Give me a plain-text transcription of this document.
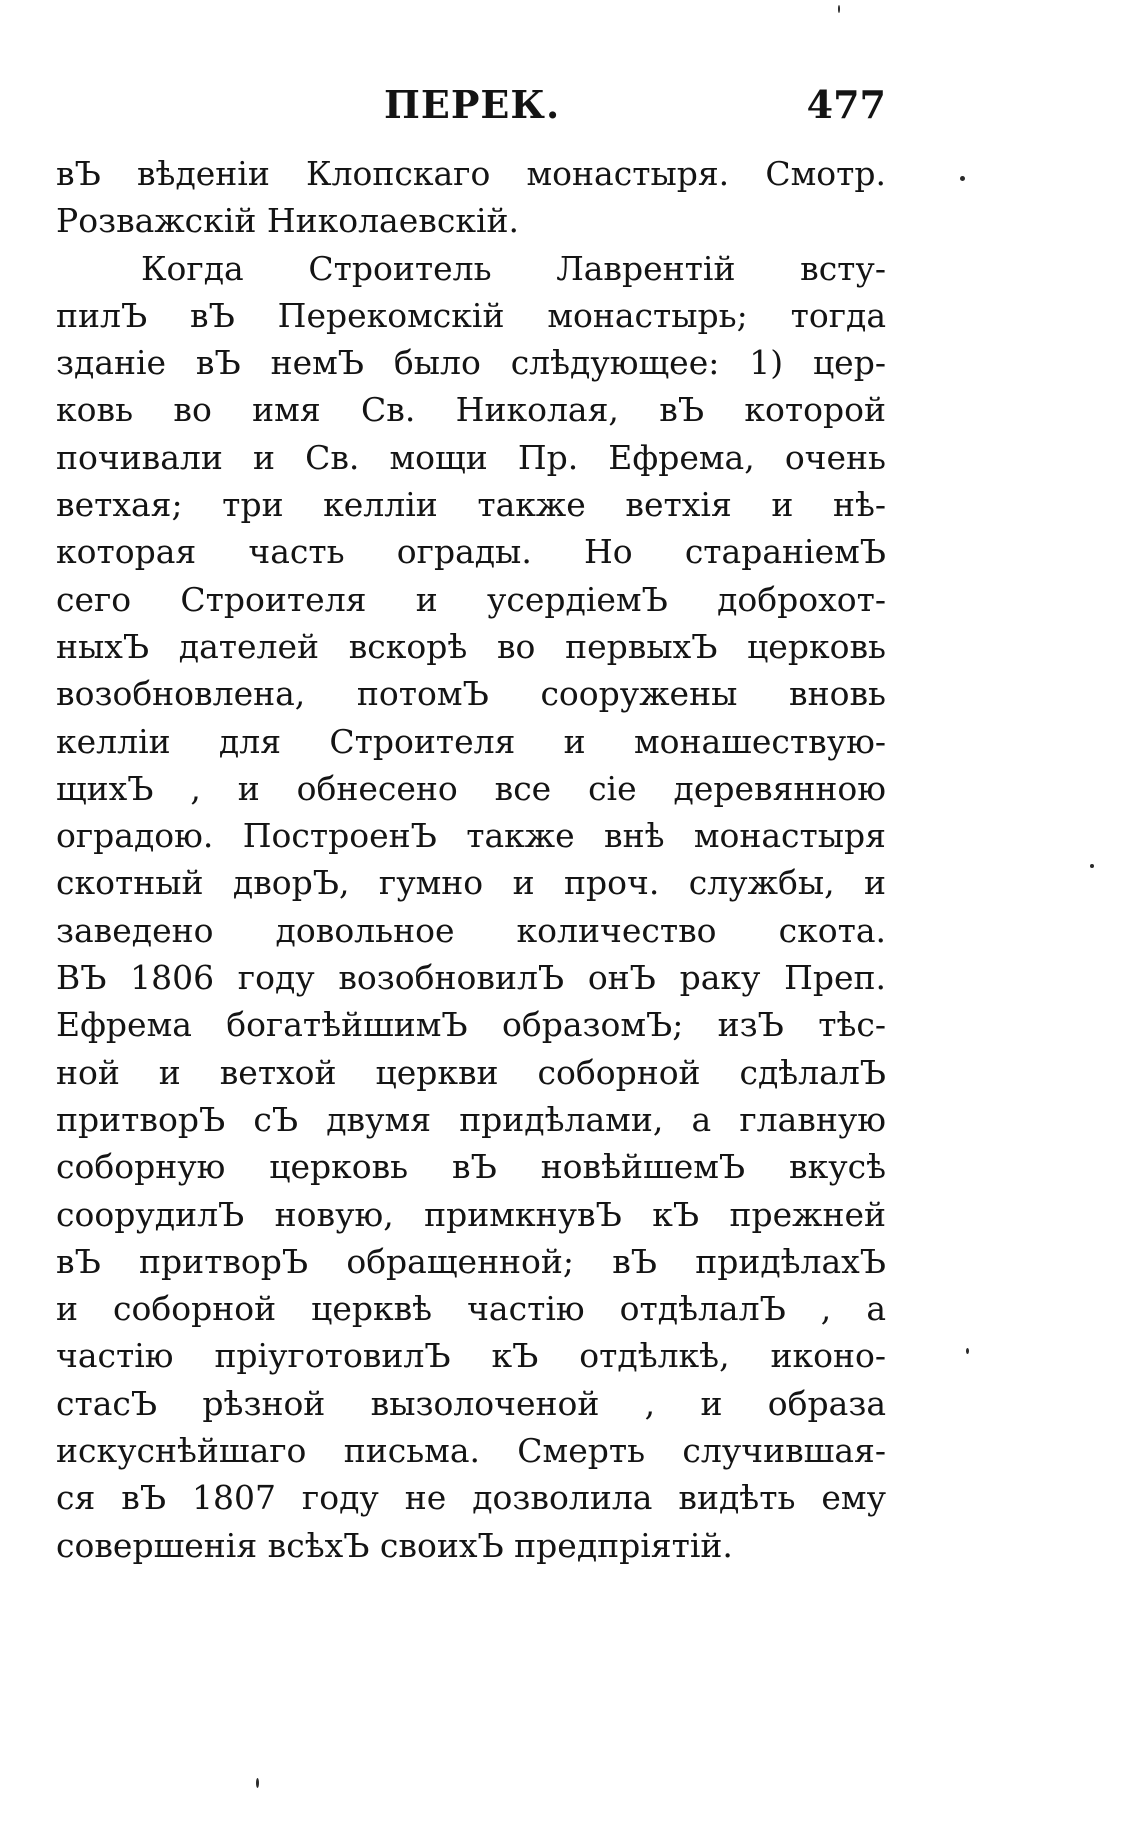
ПЕРЕК.	477
вЪ вѣденіи Клопскаго монастыря. Смотр.
Розважскій Николаевскій.
Когда Строитель Лаврентій всту-
пилЪ вЪ Перекомскій монастырь; тогда
зданіе вЪ немЪ было слѣдующее: 1) цер-
ковь во имя Св. Николая, вЪ которой
почивали и Св. мощи Пр. Ефрема, очень
ветхая; три келліи также ветхія и нѣ-
которая часть ограды. Но стараніемЪ
сего Строителя и усердіемЪ доброхот-
ныхЪ дателей вскорѣ во первыхЪ церковь
возобновлена, потомЪ сооружены вновь
келліи для Строителя и монашествую-
щихЪ , и обнесено все сіе деревянною
оградою. ПостроенЪ также внѣ монастыря
скотный дворЪ, гумно и проч. службы, и
заведено довольное количество скота.
ВЪ 1806 году возобновилЪ онЪ раку Преп.
Ефрема богатѣйшимЪ образомЪ; изЪ тѣс-
ной и ветхой церкви соборной сдѣлалЪ
притворЪ сЪ двумя придѣлами, а главную
соборную церковь вЪ новѣйшемЪ вкусѣ
соорудилЪ новую, примкнувЪ кЪ прежней
вЪ притворЪ обращенной; вЪ придѣлахЪ
и соборной церквѣ частію отдѣлалЪ , а
частію пріуготовилЪ кЪ отдѣлкѣ, иконо-
стасЪ рѣзной вызолоченой , и образа
искуснѣйшаго письма. Смерть случившая-
ся вЪ 1807 году не дозволила видѣть ему
совершенія всѣхЪ своихЪ предпріятій.
